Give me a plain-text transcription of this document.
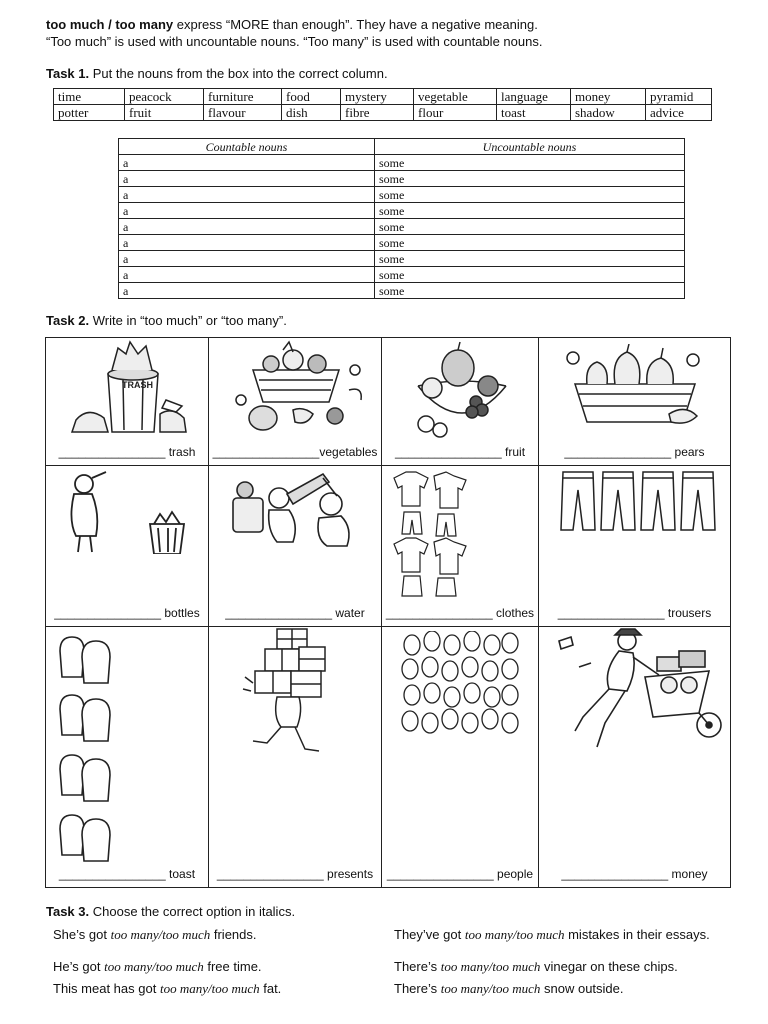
too much / too many express “MORE than enough”. They have a negative meaning.
“Too much” is used with uncountable nouns. “Too many” is used with countable nouns.
Task 1. Put the nouns from the box into the correct column.
time	peacock	furniture	food	mystery	vegetable	language	money	pyramid
potter	fruit	flavour	dish	fibre	flour	toast	shadow	advice
Countable nouns	Uncountable nouns
a	some
a	some
a	some
a	some
a	some
a	some
a	some
a	some
a	some
Task 2. Write in “too much” or “too many”.
TRASH
________________ trash	________________vegetables	________________ fruit	________________ pears
________________ bottles	________________ water	________________ clothes	________________ trousers
________________ toast	________________ presents	________________ people	________________ money
Task 3. Choose the correct option in italics.
She’s got too many/too much friends.	They’ve got too many/too much mistakes in their essays.
He’s got too many/too much free time.	There’s too many/too much vinegar on these chips.
This meat has got too many/too much fat.	There’s too many/too much snow outside.
